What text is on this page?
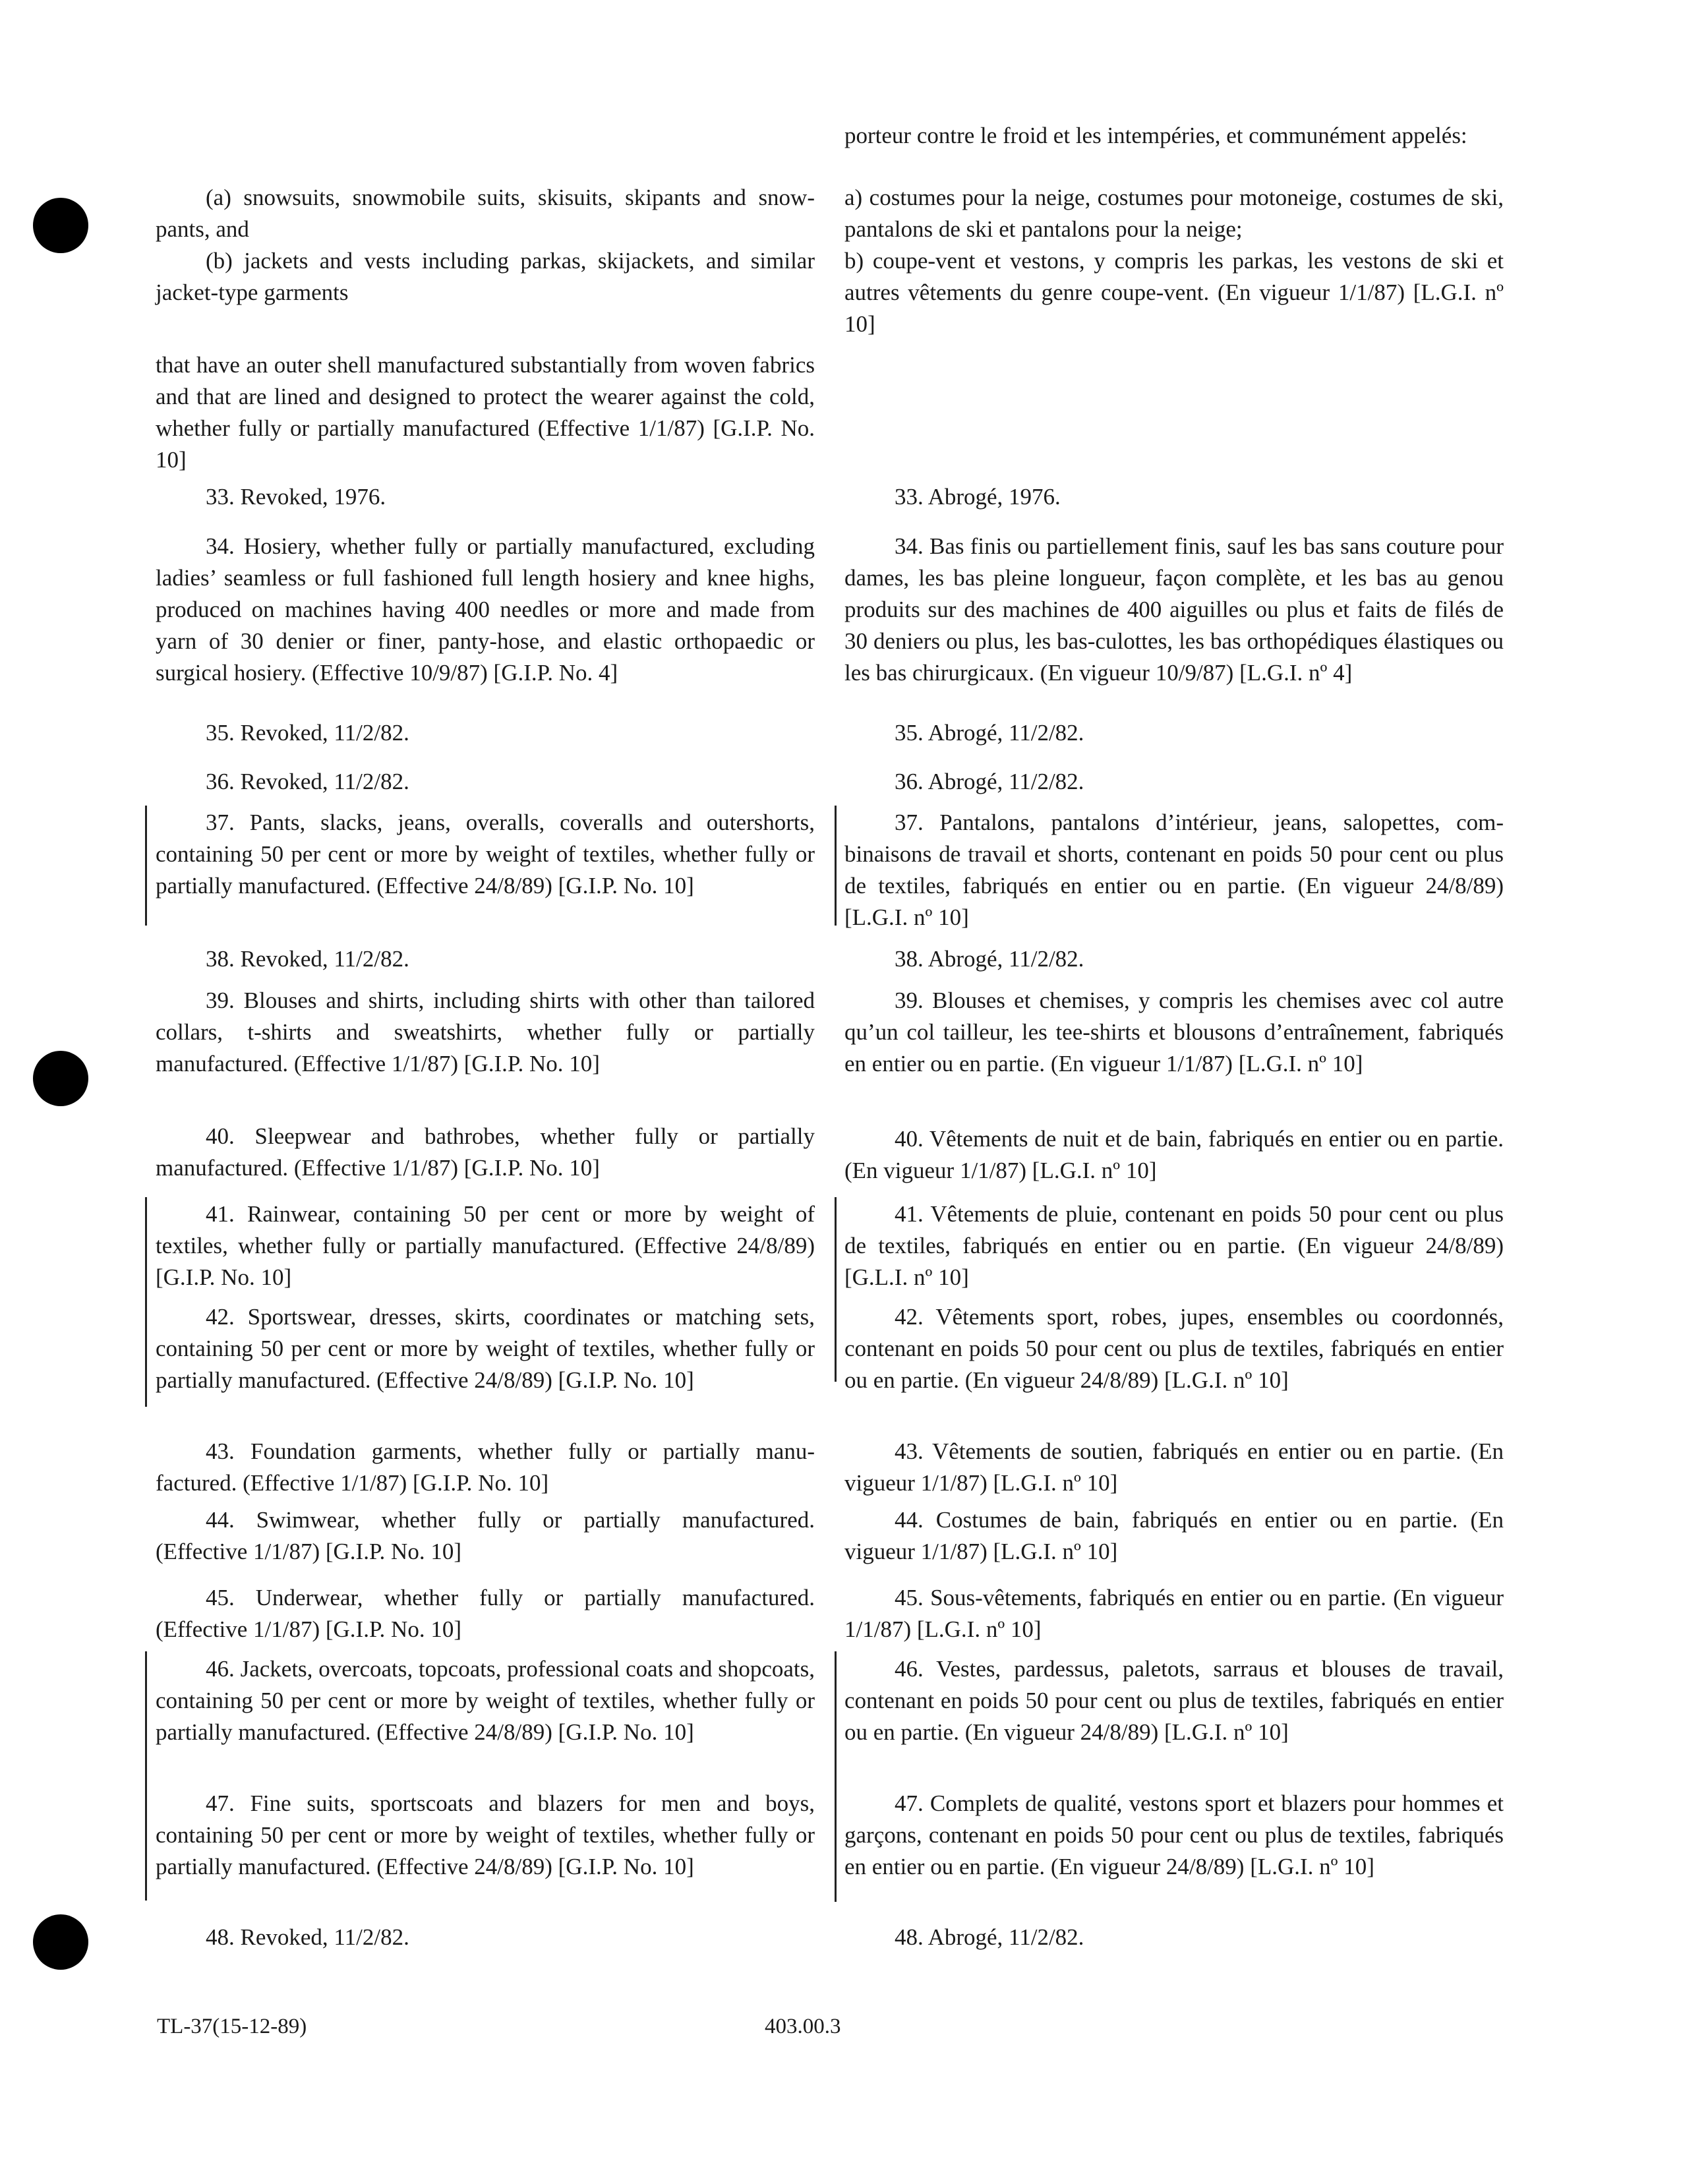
(a) snowsuits, snowmobile suits, skisuits, skipants and snowpants, and

(b) jackets and vests including parkas, skijackets, and similar jacket-type garments

that have an outer shell manufactured substantially from woven fabrics and that are lined and designed to protect the wearer against the cold, whether fully or partially manufactured (Effective 1/1/87) [G.I.P. No. 10]

33. Revoked, 1976.

34. Hosiery, whether fully or partially manufactured, excluding ladies’ seamless or full fashioned full length hosiery and knee highs, produced on machines having 400 needles or more and made from yarn of 30 denier or finer, panty-hose, and elastic orthopaedic or surgical hosiery. (Effective 10/9/87) [G.I.P. No. 4]

35. Revoked, 11/2/82.

36. Revoked, 11/2/82.

37. Pants, slacks, jeans, overalls, coveralls and outershorts, containing 50 per cent or more by weight of textiles, whether fully or partially manufactured. (Effective 24/8/89) [G.I.P. No. 10]

38. Revoked, 11/2/82.

39. Blouses and shirts, including shirts with other than tailored collars, t-shirts and sweatshirts, whether fully or partially manufactured. (Effective 1/1/87) [G.I.P. No. 10]

40. Sleepwear and bathrobes, whether fully or partially manufactured. (Effective 1/1/87) [G.I.P. No. 10]

41. Rainwear, containing 50 per cent or more by weight of textiles, whether fully or partially manufactured. (Effective 24/8/89) [G.I.P. No. 10]

42. Sportswear, dresses, skirts, coordinates or matching sets, containing 50 per cent or more by weight of textiles, whether fully or partially manufactured. (Effective 24/8/89) [G.I.P. No. 10]

43. Foundation garments, whether fully or partially manufactured. (Effective 1/1/87) [G.I.P. No. 10]

44. Swimwear, whether fully or partially manufactured. (Effective 1/1/87) [G.I.P. No. 10]

45. Underwear, whether fully or partially manufactured. (Effective 1/1/87) [G.I.P. No. 10]

46. Jackets, overcoats, topcoats, professional coats and shopcoats, containing 50 per cent or more by weight of textiles, whether fully or partially manufactured. (Effective 24/8/89) [G.I.P. No. 10]

47. Fine suits, sportscoats and blazers for men and boys, containing 50 per cent or more by weight of textiles, whether fully or partially manufactured. (Effective 24/8/89) [G.I.P. No. 10]

48. Revoked, 11/2/82.

porteur contre le froid et les intempéries, et communément appelés:

a) costumes pour la neige, costumes pour motoneige, costumes de ski, pantalons de ski et pantalons pour la neige;

b) coupe-vent et vestons, y compris les parkas, les vestons de ski et autres vêtements du genre coupe-vent. (En vigueur 1/1/87) [L.G.I. nº 10]

33. Abrogé, 1976.

34. Bas finis ou partiellement finis, sauf les bas sans couture pour dames, les bas pleine longueur, façon complète, et les bas au genou produits sur des machines de 400 aiguilles ou plus et faits de filés de 30 deniers ou plus, les bas-culottes, les bas orthopédiques élastiques ou les bas chirurgicaux. (En vigueur 10/9/87) [L.G.I. nº 4]

35. Abrogé, 11/2/82.

36. Abrogé, 11/2/82.

37. Pantalons, pantalons d’intérieur, jeans, salopettes, combinaisons de travail et shorts, contenant en poids 50 pour cent ou plus de textiles, fabriqués en entier ou en partie. (En vigueur 24/8/89) [L.G.I. nº 10]

38. Abrogé, 11/2/82.

39. Blouses et chemises, y compris les chemises avec col autre qu’un col tailleur, les tee-shirts et blousons d’entraînement, fabriqués en entier ou en partie. (En vigueur 1/1/87) [L.G.I. nº 10]

40. Vêtements de nuit et de bain, fabriqués en entier ou en partie. (En vigueur 1/1/87) [L.G.I. nº 10]

41. Vêtements de pluie, contenant en poids 50 pour cent ou plus de textiles, fabriqués en entier ou en partie. (En vigueur 24/8/89) [G.L.I. nº 10]

42. Vêtements sport, robes, jupes, ensembles ou coordonnés, contenant en poids 50 pour cent ou plus de textiles, fabriqués en entier ou en partie. (En vigueur 24/8/89) [L.G.I. nº 10]

43. Vêtements de soutien, fabriqués en entier ou en partie. (En vigueur 1/1/87) [L.G.I. nº 10]

44. Costumes de bain, fabriqués en entier ou en partie. (En vigueur 1/1/87) [L.G.I. nº 10]

45. Sous-vêtements, fabriqués en entier ou en partie. (En vigueur 1/1/87) [L.G.I. nº 10]

46. Vestes, pardessus, paletots, sarraus et blouses de travail, contenant en poids 50 pour cent ou plus de textiles, fabriqués en entier ou en partie. (En vigueur 24/8/89) [L.G.I. nº 10]

47. Complets de qualité, vestons sport et blazers pour hommes et garçons, contenant en poids 50 pour cent ou plus de textiles, fabriqués en entier ou en partie. (En vigueur 24/8/89) [L.G.I. nº 10]

48. Abrogé, 11/2/82.

TL-37(15-12-89)	403.00.3
